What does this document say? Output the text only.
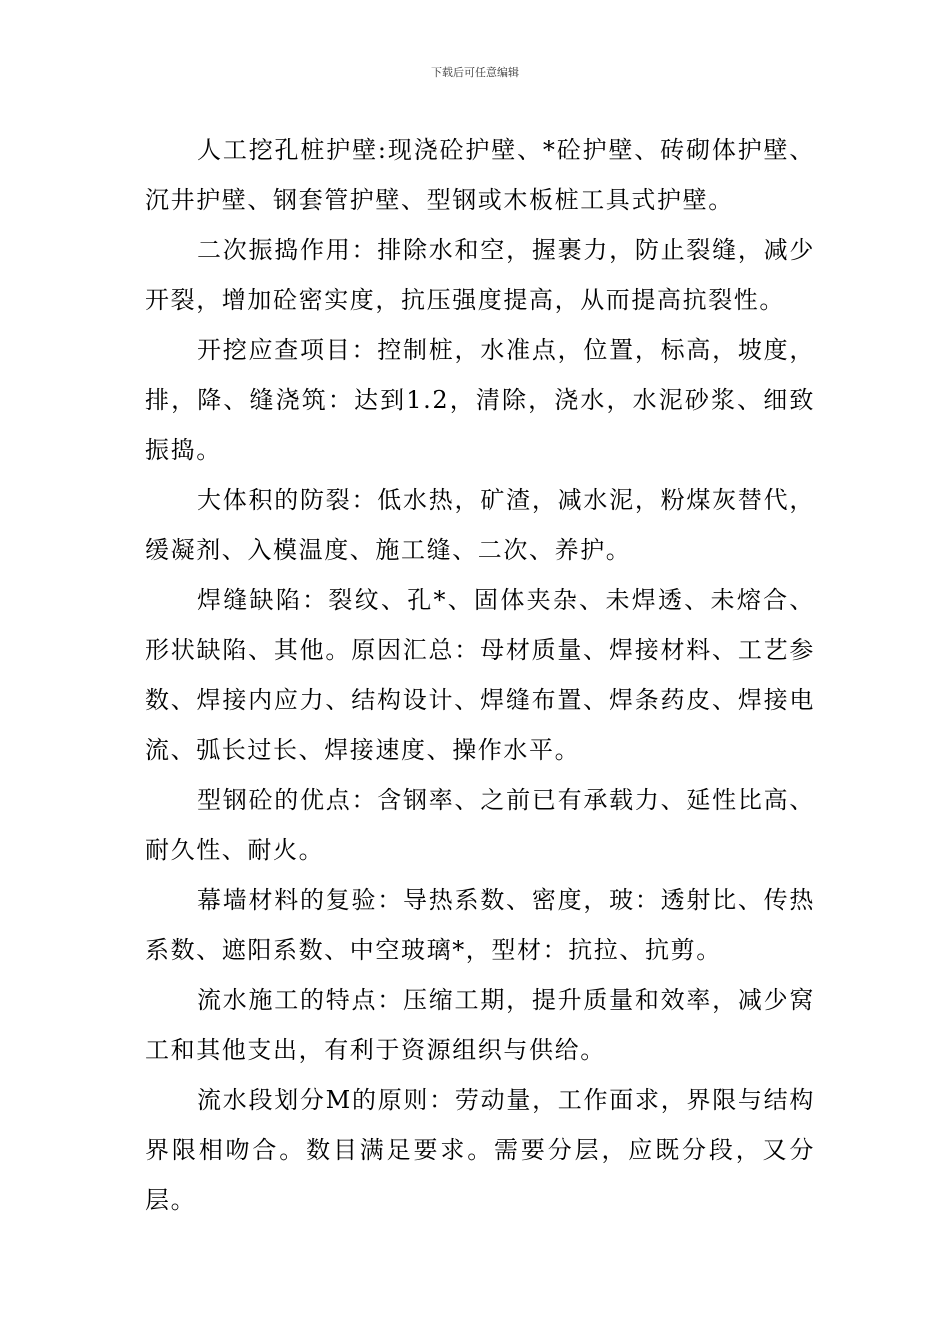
下载后可任意编辑

人工挖孔桩护壁:现浇砼护壁、*砼护壁、砖砌体护壁、沉井护壁、钢套管护壁、型钢或木板桩工具式护壁。

二次振捣作用：排除水和空，握裹力，防止裂缝，减少开裂，增加砼密实度，抗压强度提高，从而提高抗裂性。

开挖应查项目：控制桩，水准点，位置，标高，坡度，排，降、缝浇筑：达到1.2，清除，浇水，水泥砂浆、细致振捣。

大体积的防裂：低水热，矿渣，减水泥，粉煤灰替代，缓凝剂、入模温度、施工缝、二次、养护。

焊缝缺陷：裂纹、孔*、固体夹杂、未焊透、未熔合、形状缺陷、其他。原因汇总：母材质量、焊接材料、工艺参数、焊接内应力、结构设计、焊缝布置、焊条药皮、焊接电流、弧长过长、焊接速度、操作水平。

型钢砼的优点：含钢率、之前已有承载力、延性比高、耐久性、耐火。

幕墙材料的复验：导热系数、密度，玻：透射比、传热系数、遮阳系数、中空玻璃*，型材：抗拉、抗剪。

流水施工的特点：压缩工期，提升质量和效率，减少窝工和其他支出，有利于资源组织与供给。

流水段划分M的原则：劳动量，工作面求，界限与结构界限相吻合。数目满足要求。需要分层，应既分段，又分层。
